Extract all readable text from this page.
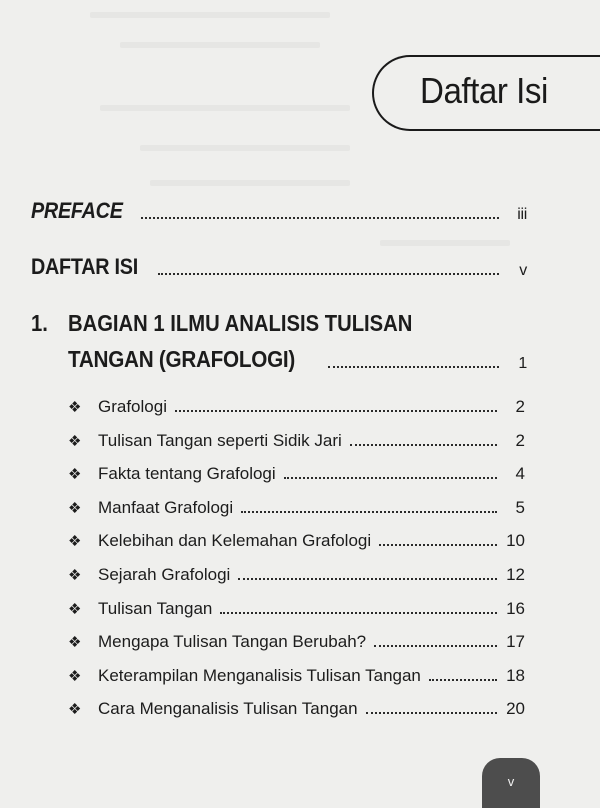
Daftar Isi
PREFACE	iii
DAFTAR ISI	v
1. BAGIAN 1 ILMU ANALISIS TULISAN
TANGAN (GRAFOLOGI)	1
❖ Grafologi	2
❖ Tulisan Tangan seperti Sidik Jari	2
❖ Fakta tentang Grafologi	4
❖ Manfaat Grafologi	5
❖ Kelebihan dan Kelemahan Grafologi	10
❖ Sejarah Grafologi	12
❖ Tulisan Tangan	16
❖ Mengapa Tulisan Tangan Berubah?	17
❖ Keterampilan Menganalisis Tulisan Tangan	18
❖ Cara Menganalisis Tulisan Tangan	20
v
